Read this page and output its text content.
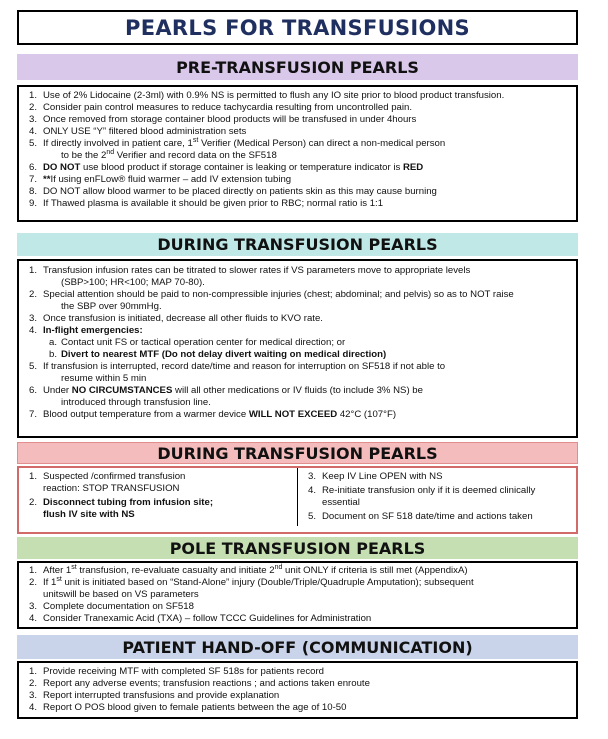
PEARLS FOR TRANSFUSIONS
PRE-TRANSFUSION PEARLS
1. Use of 2% Lidocaine (2-3ml) with 0.9% NS is permitted to flush any IO site prior to blood product transfusion.
2. Consider pain control measures to reduce tachycardia resulting from uncontrolled pain.
3. Once removed from storage container blood products will be transfused in under 4hours
4. ONLY USE “Y” filtered blood administration sets
5. If directly involved in patient care, 1st Verifier (Medical Person) can direct a non-medical person
to be the 2nd Verifier and record data on the SF518
6. DO NOT use blood product if storage container is leaking or temperature indicator is RED
7. **If using enFLow® fluid warmer – add IV extension tubing
8. DO NOT allow blood warmer to be placed directly on patients skin as this may cause burning
9. If Thawed plasma is available it should be given prior to RBC; normal ratio is 1:1
DURING TRANSFUSION PEARLS
1. Transfusion infusion rates can be titrated to slower rates if VS parameters move to appropriate levels
(SBP>100; HR<100; MAP 70-80).
2. Special attention should be paid to non-compressible injuries (chest; abdominal; and pelvis) so as to NOT raise
the SBP over 90mmHg.
3. Once transfusion is initiated, decrease all other fluids to KVO rate.
4. In-flight emergencies:
a. Contact unit FS or tactical operation center for medical direction; or
b. Divert to nearest MTF (Do not delay divert waiting on medical direction)
5. If transfusion is interrupted, record date/time and reason for interruption on SF518 if not able to
resume within 5 min
6. Under NO CIRCUMSTANCES will all other medications or IV fluids (to include 3% NS) be
introduced through transfusion line.
7. Blood output temperature from a warmer device WILL NOT EXCEED 42°C (107°F)
DURING TRANSFUSION PEARLS
1. Suspected /confirmed transfusion
reaction: STOP TRANSFUSION
2. Disconnect tubing from infusion site;
flush IV site with NS
3. Keep IV Line OPEN with NS
4. Re-initiate transfusion only if it is deemed clinically
essential
5. Document on SF 518 date/time and actions taken
POLE TRANSFUSION PEARLS
1. After 1st transfusion, re-evaluate casualty and initiate 2nd unit ONLY if criteria is still met (AppendixA)
2. If 1st unit is initiated based on “Stand-Alone” injury (Double/Triple/Quadruple Amputation); subsequent
unitswill be based on VS parameters
3. Complete documentation on SF518
4. Consider Tranexamic Acid (TXA) – follow TCCC Guidelines for Administration
PATIENT HAND-OFF (COMMUNICATION)
1. Provide receiving MTF with completed SF 518s for patients record
2. Report any adverse events; transfusion reactions ; and actions taken enroute
3. Report interrupted transfusions and provide explanation
4. Report O POS blood given to female patients between the age of 10-50
